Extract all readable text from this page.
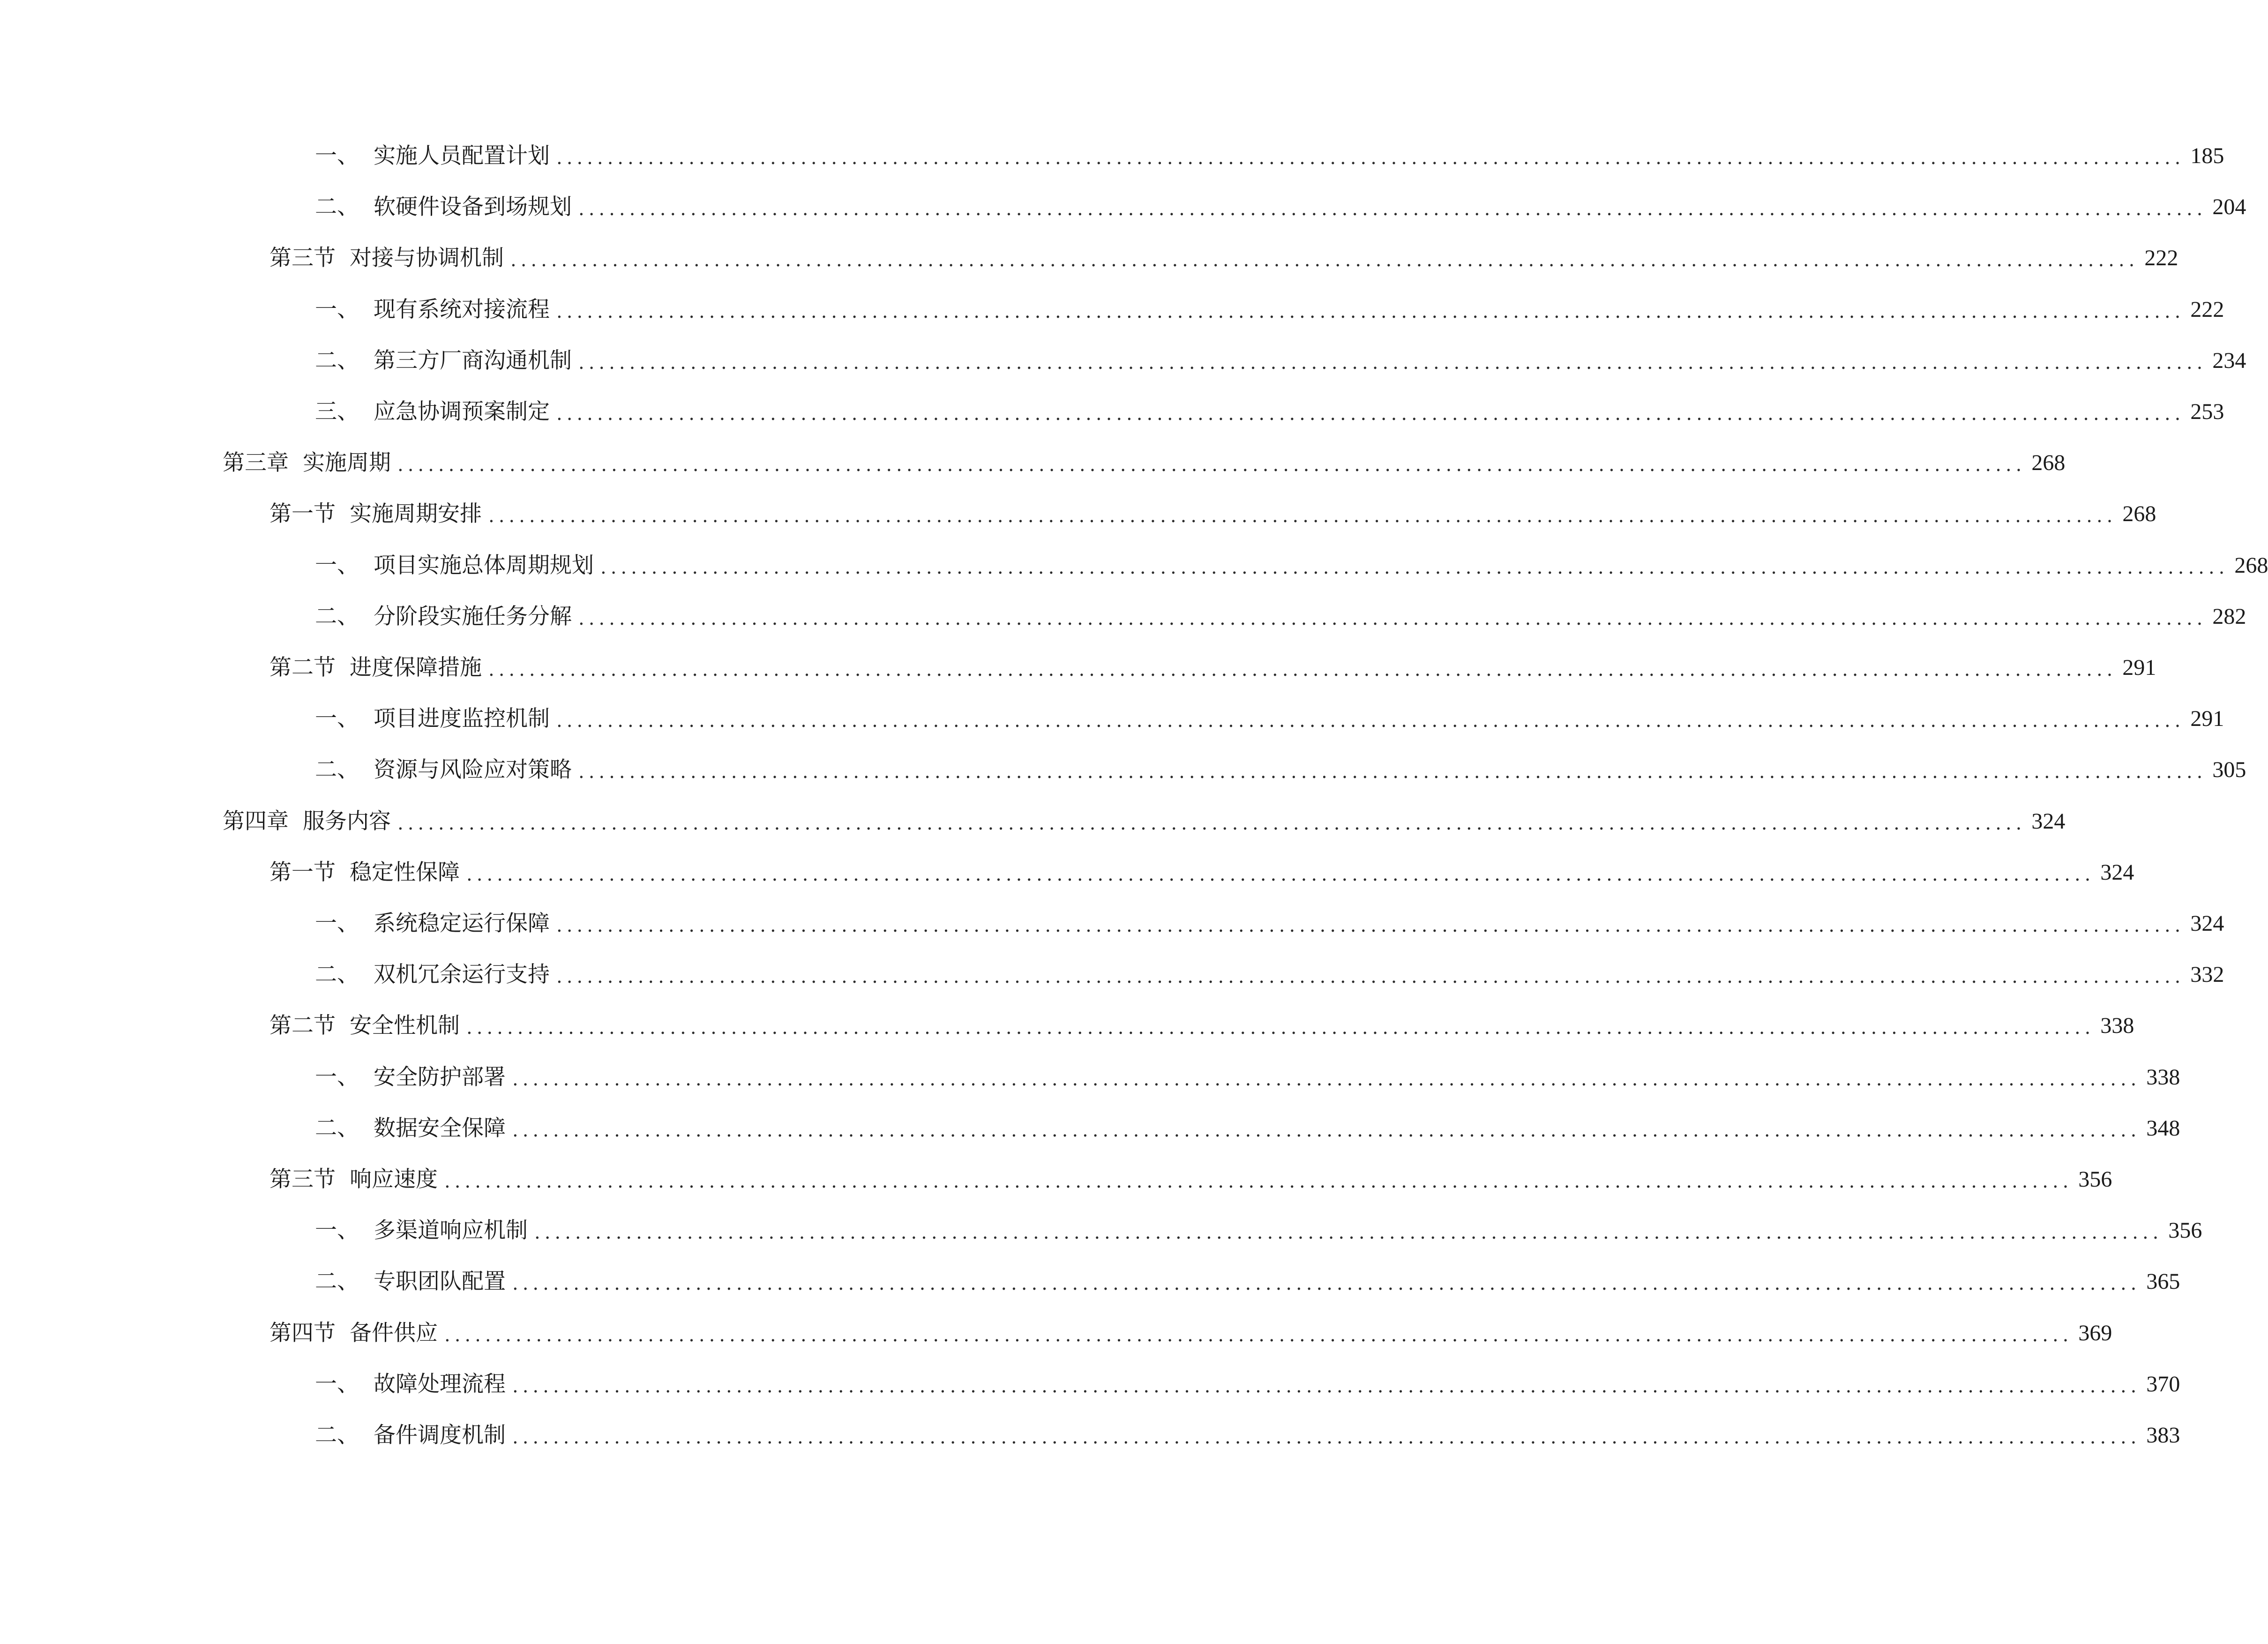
一、 实施人员配置计划 ................................................................................................................................................................ 185
二、 软硬件设备到场规划 ................................................................................................................................................................ 204
第三节 对接与协调机制 ................................................................................................................................................................ 222
一、 现有系统对接流程 ................................................................................................................................................................ 222
二、 第三方厂商沟通机制 ................................................................................................................................................................ 234
三、 应急协调预案制定 ................................................................................................................................................................ 253
第三章 实施周期 ................................................................................................................................................................ 268
第一节 实施周期安排 ................................................................................................................................................................ 268
一、 项目实施总体周期规划 ................................................................................................................................................................ 268
二、 分阶段实施任务分解 ................................................................................................................................................................ 282
第二节 进度保障措施 ................................................................................................................................................................ 291
一、 项目进度监控机制 ................................................................................................................................................................ 291
二、 资源与风险应对策略 ................................................................................................................................................................ 305
第四章 服务内容 ................................................................................................................................................................ 324
第一节 稳定性保障 ................................................................................................................................................................ 324
一、 系统稳定运行保障 ................................................................................................................................................................ 324
二、 双机冗余运行支持 ................................................................................................................................................................ 332
第二节 安全性机制 ................................................................................................................................................................ 338
一、 安全防护部署 ................................................................................................................................................................ 338
二、 数据安全保障 ................................................................................................................................................................ 348
第三节 响应速度 ................................................................................................................................................................ 356
一、 多渠道响应机制 ................................................................................................................................................................ 356
二、 专职团队配置 ................................................................................................................................................................ 365
第四节 备件供应 ................................................................................................................................................................ 369
一、 故障处理流程 ................................................................................................................................................................ 370
二、 备件调度机制 ................................................................................................................................................................ 383
